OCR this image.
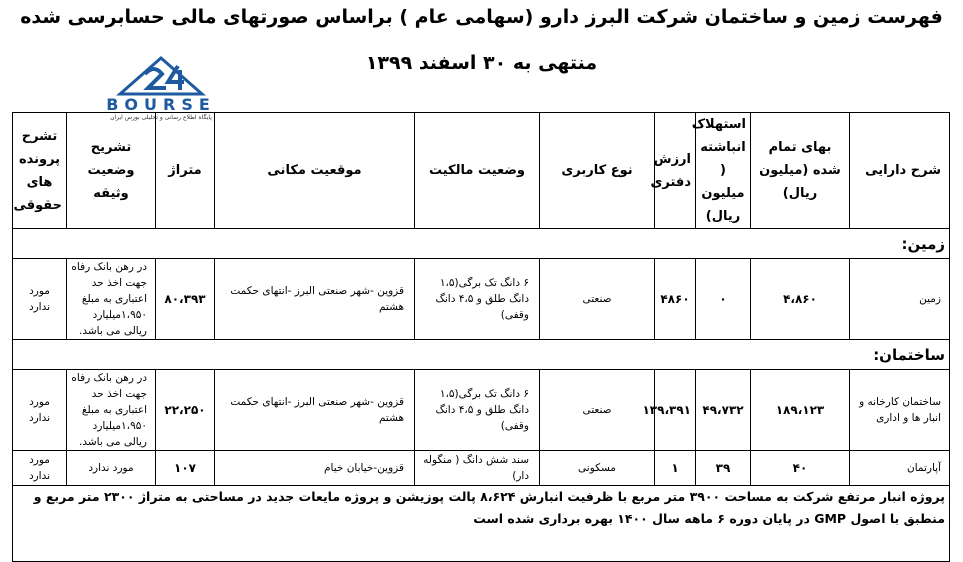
فهرست زمین و ساختمان شرکت البرز دارو (سهامی عام ) براساس صورتهای مالی حسابرسی شده
منتهی به ۳۰ اسفند ۱۳۹۹
BOURSE
پایگاه اطلاع رسانی و تحلیلی بورس ایران
شرح دارایی	بهای تمام شده (میلیون ریال)	استهلاک انباشته ( میلیون ریال)	ارزش دفتری	نوع کاربری	وضعیت مالکیت	موقعیت مکانی	متراژ	تشریح وضعیت وثیقه	تشرح پرونده های حقوقی
زمین:									
زمین	۴،۸۶۰	۰	۴۸۶۰	صنعتی	۶ دانگ تک برگی(۱،۵ دانگ طلق و ۴،۵ دانگ وقفی)	قزوین -شهر صنعتی البرز -انتهای حکمت هشتم	۸۰،۳۹۳	در رهن بانک رفاه جهت اخذ حد اعتباری به مبلغ ۱،۹۵۰میلیارد ریالی می باشد.	مورد ندارد
ساختمان:									
ساختمان کارخانه و انبار ها و اداری	۱۸۹،۱۲۳	۴۹،۷۳۲	۱۳۹،۳۹۱	صنعتی	۶ دانگ تک برگی(۱،۵ دانگ طلق و ۴،۵ دانگ وقفی)	قزوین -شهر صنعتی البرز -انتهای حکمت هشتم	۲۲،۲۵۰	در رهن بانک رفاه جهت اخذ حد اعتباری به مبلغ ۱،۹۵۰میلیارد ریالی می باشد.	مورد ندارد
آپارتمان	۴۰	۳۹	۱	مسکونی	سند شش دانگ ( منگوله دار)	قزوین-خیابان خیام	۱۰۷	مورد ندارد	مورد ندارد
پروژه انبار مرتفع شرکت به مساحت ۳۹۰۰ متر مربع با ظرفیت انبارش ۸،۶۲۴ پالت پوزیشن و پروژه مایعات جدید در مساحتی به متراژ ۲۳۰۰ متر مربع و منطبق با اصول GMP در پایان دوره ۶ ماهه سال ۱۴۰۰ بهره برداری شده است									
